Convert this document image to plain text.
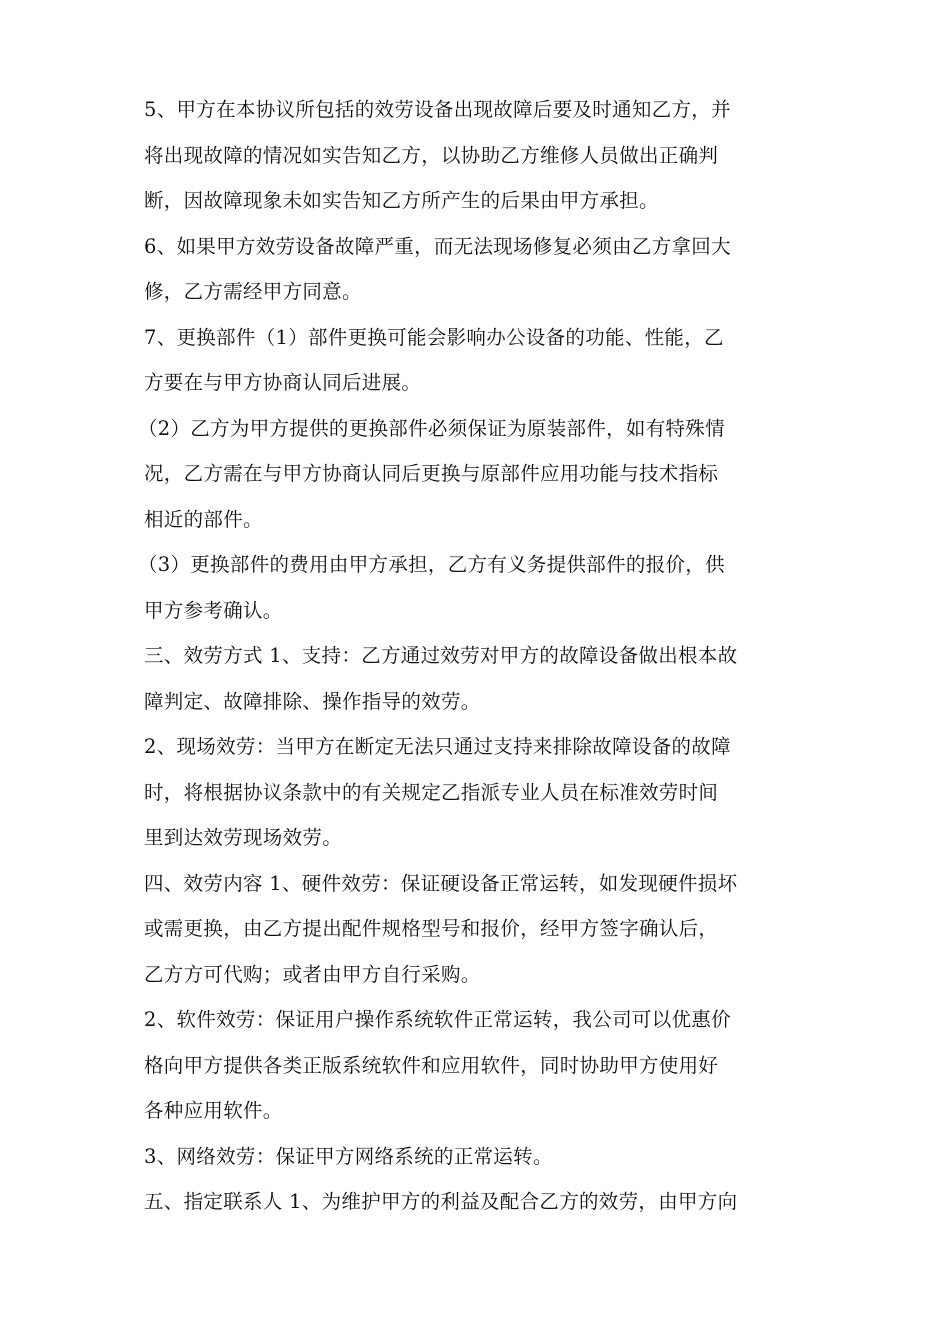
5、甲方在本协议所包括的效劳设备出现故障后要及时通知乙方，并
将出现故障的情况如实告知乙方，以协助乙方维修人员做出正确判
断，因故障现象未如实告知乙方所产生的后果由甲方承担。
6、如果甲方效劳设备故障严重，而无法现场修复必须由乙方拿回大
修，乙方需经甲方同意。
7、更换部件（1）部件更换可能会影响办公设备的功能、性能，乙
方要在与甲方协商认同后进展。
（2）乙方为甲方提供的更换部件必须保证为原装部件，如有特殊情
况，乙方需在与甲方协商认同后更换与原部件应用功能与技术指标
相近的部件。
（3）更换部件的费用由甲方承担，乙方有义务提供部件的报价，供
甲方参考确认。
三、效劳方式 1、支持：乙方通过效劳对甲方的故障设备做出根本故
障判定、故障排除、操作指导的效劳。
2、现场效劳：当甲方在断定无法只通过支持来排除故障设备的故障
时，将根据协议条款中的有关规定乙指派专业人员在标准效劳时间
里到达效劳现场效劳。
四、效劳内容 1、硬件效劳：保证硬设备正常运转，如发现硬件损坏
或需更换，由乙方提出配件规格型号和报价，经甲方签字确认后，
乙方方可代购；或者由甲方自行采购。
2、软件效劳：保证用户操作系统软件正常运转，我公司可以优惠价
格向甲方提供各类正版系统软件和应用软件，同时协助甲方使用好
各种应用软件。
3、网络效劳：保证甲方网络系统的正常运转。
五、指定联系人 1、为维护甲方的利益及配合乙方的效劳，由甲方向
